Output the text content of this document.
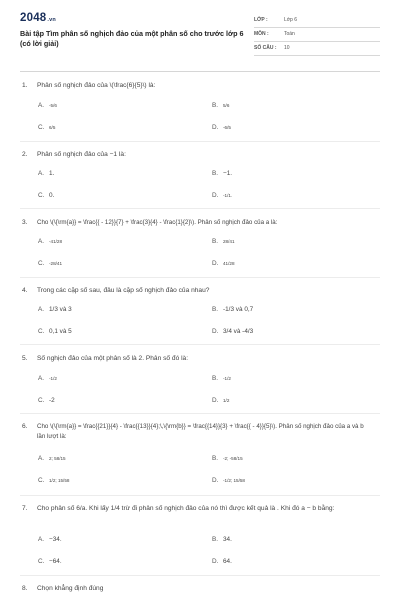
2048.vn
Bài tập Tìm phân số nghịch đảo của một phân số cho trước lớp 6 (có lời giải)
LỚP :	Lớp 6
MÔN :	Toán
SỐ CÂU : 10
1. Phân số nghịch đảo của \(\frac{6}{5}\) là:
A. -5/6	B. 5/6
C. 6/5	D. -6/5
2. Phân số nghịch đảo của −1 là:
A. 1.	B. −1.
C. 0.	D. -1/1.
3. Cho \(\{\rm{a}} = \frac{{ - 12}}{7} + \frac{3}{4} - \frac{1}{2}\). Phân số nghịch đảo của a là:
A. -41/28	B. 28/41
C. -28/41	D. 41/28
4. Trong các cặp số sau, đâu là cặp số nghịch đảo của nhau?
A. 1/3 và 3	B. -1/3 và 0,7
C. 0,1 và 5	D. 3/4 và -4/3
5. Số nghịch đảo của một phân số là 2. Phân số đó là:
A. -1/2	B. -1/2
C. -2	D. 1/2
6. Cho \(\{\rm{a}} = \frac{{21}}{4} - \frac{{13}}{4};\,\{\rm{b}} = \frac{{14}}{3} + \frac{{ - 4}}{5}\). Phân số nghịch đảo của a và b lần lượt là:
A. 2; 58/15	B. -2; -58/15
C. 1/2; 15/58	D. -1/2; 15/58
7. Cho phân số 6/a. Khi lấy 1/4 trừ đi phân số nghịch đảo của nó thì được kết quả là . Khi đó a − b bằng:
A. −34.	B. 34.
C. −64.	D. 64.
8. Chọn khẳng định đúng
